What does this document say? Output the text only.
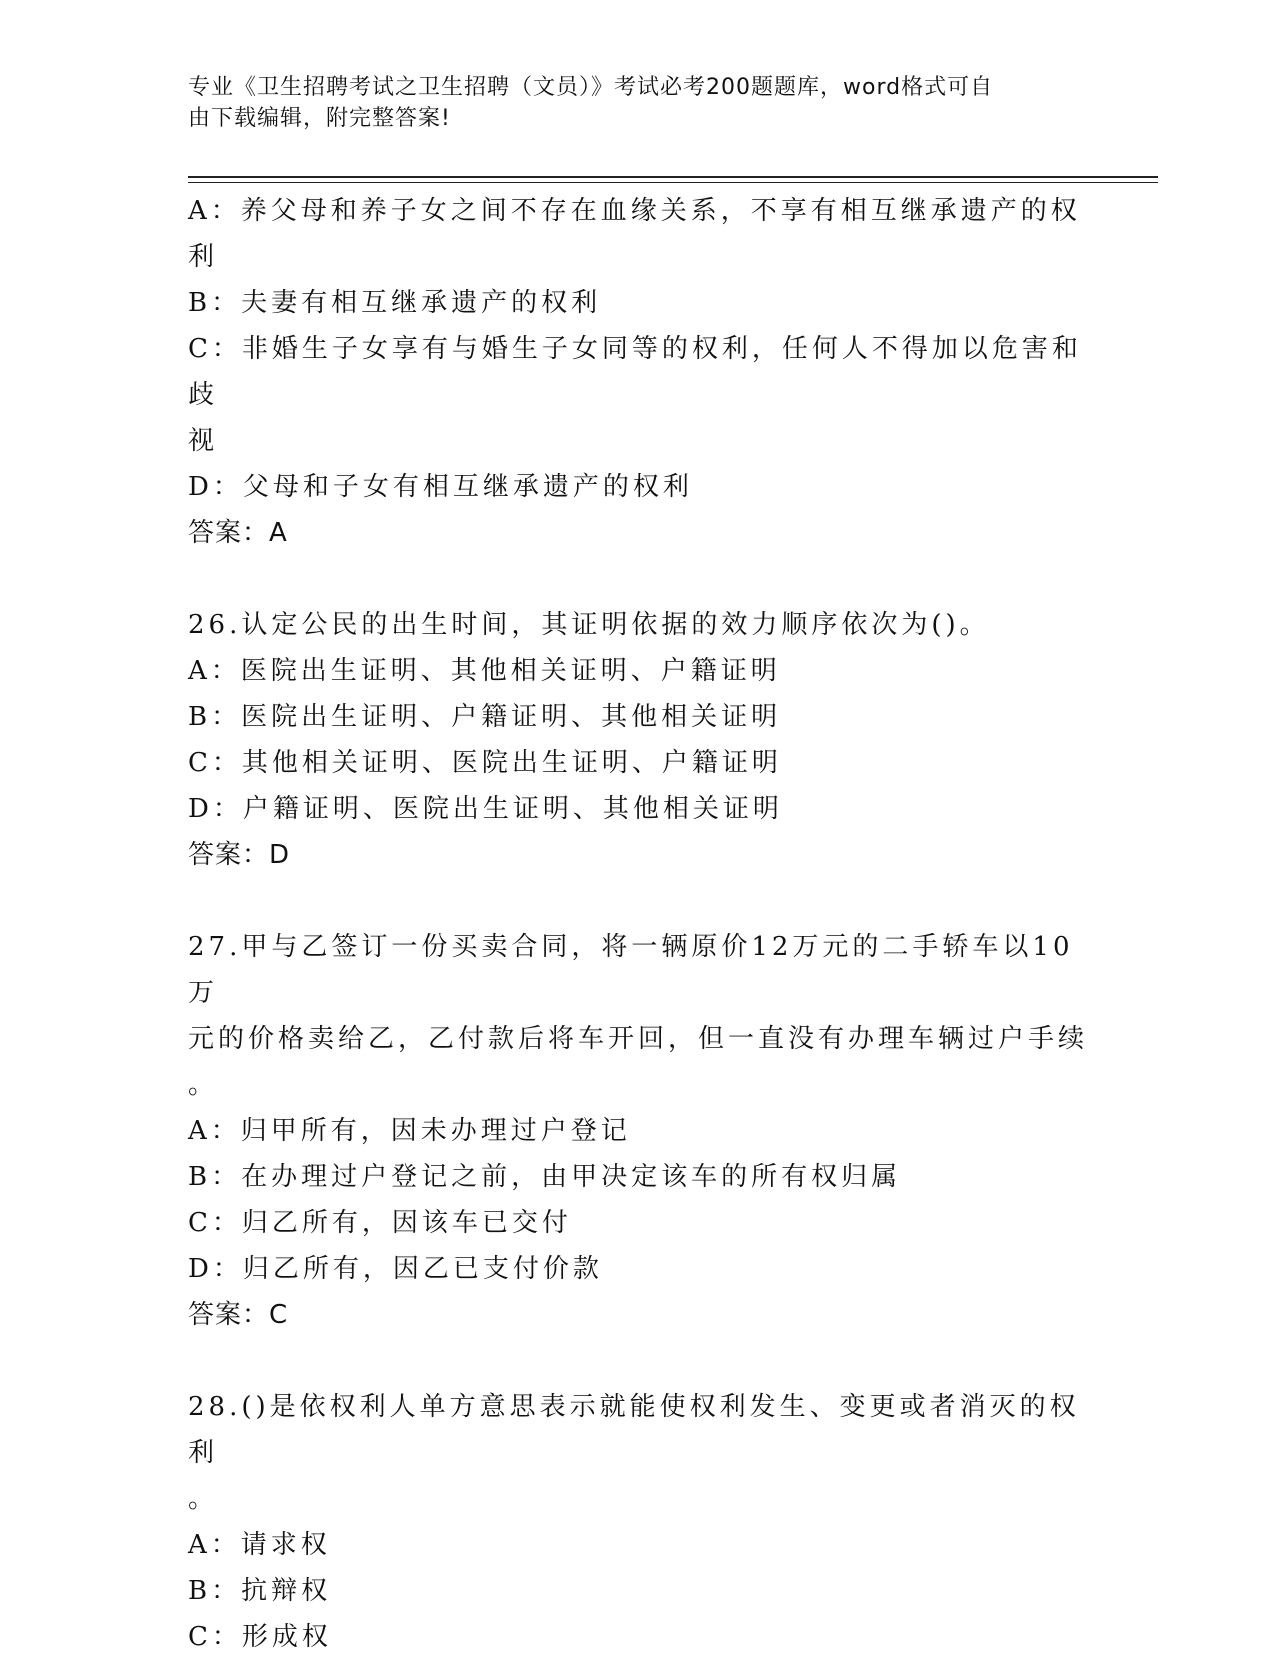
专业《卫生招聘考试之卫生招聘（文员）》考试必考200题题库，word格式可自
由下载编辑，附完整答案!

A：养父母和养子女之间不存在血缘关系，不享有相互继承遗产的权利

B：夫妻有相互继承遗产的权利

C：非婚生子女享有与婚生子女同等的权利，任何人不得加以危害和歧

视

D：父母和子女有相互继承遗产的权利

答案：A

26.认定公民的出生时间，其证明依据的效力顺序依次为()。

A：医院出生证明、其他相关证明、户籍证明

B：医院出生证明、户籍证明、其他相关证明

C：其他相关证明、医院出生证明、户籍证明

D：户籍证明、医院出生证明、其他相关证明

答案：D

27.甲与乙签订一份买卖合同，将一辆原价12万元的二手轿车以10万

元的价格卖给乙，乙付款后将车开回，但一直没有办理车辆过户手续

。

A：归甲所有，因未办理过户登记

B：在办理过户登记之前，由甲决定该车的所有权归属

C：归乙所有，因该车已交付

D：归乙所有，因乙已支付价款

答案：C

28.()是依权利人单方意思表示就能使权利发生、变更或者消灭的权利

。

A：请求权

B：抗辩权

C：形成权
